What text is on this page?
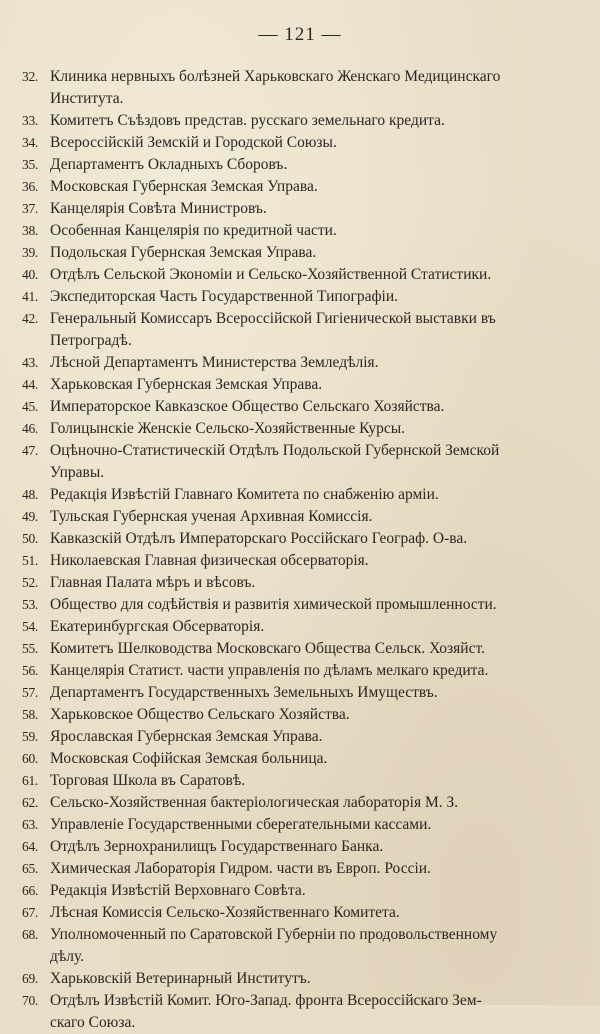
— 121 —
32. Клиника нервныхъ болѣзней Харьковскаго Женскаго Медицинскаго
Института.
33. Комитетъ Съѣздовъ представ. русскаго земельнаго кредита.
34. Всероссійскій Земскій и Городской Союзы.
35. Департаментъ Окладныхъ Сборовъ.
36. Московская Губернская Земская Управа.
37. Канцелярія Совѣта Министровъ.
38. Особенная Канцелярія по кредитной части.
39. Подольская Губернская Земская Управа.
40. Отдѣлъ Сельской Экономіи и Сельско-Хозяйственной Статистики.
41. Экспедиторская Часть Государственной Типографіи.
42. Генеральный Комиссаръ Всероссійской Гигіенической выставки въ
Петроградѣ.
43. Лѣсной Департаментъ Министерства Земледѣлія.
44. Харьковская Губернская Земская Управа.
45. Императорское Кавказское Общество Сельскаго Хозяйства.
46. Голицынскіе Женскіе Сельско-Хозяйственные Курсы.
47. Оцѣночно-Статистическій Отдѣлъ Подольской Губернской Земской
Управы.
48. Редакція Извѣстій Главнаго Комитета по снабженію арміи.
49. Тульская Губернская ученая Архивная Комиссія.
50. Кавказскій Отдѣлъ Императорскаго Россійскаго Географ. О-ва.
51. Николаевская Главная физическая обсерваторія.
52. Главная Палата мѣръ и вѣсовъ.
53. Общество для содѣйствія и развитія химической промышленности.
54. Екатеринбургская Обсерваторія.
55. Комитетъ Шелководства Московскаго Общества Сельск. Хозяйст.
56. Канцелярія Статист. части управленія по дѣламъ мелкаго кредита.
57. Департаментъ Государственныхъ Земельныхъ Имуществъ.
58. Харьковское Общество Сельскаго Хозяйства.
59. Ярославская Губернская Земская Управа.
60. Московская Софійская Земская больница.
61. Торговая Школа въ Саратовѣ.
62. Сельско-Хозяйственная бактеріологическая лабораторія М. З.
63. Управленіе Государственными сберегательными кассами.
64. Отдѣлъ Зернохранилищъ Государственнаго Банка.
65. Химическая Лабораторія Гидром. части въ Европ. Россіи.
66. Редакція Извѣстій Верховнаго Совѣта.
67. Лѣсная Комиссія Сельско-Хозяйственнаго Комитета.
68. Уполномоченный по Саратовской Губерніи по продовольственному
дѣлу.
69. Харьковскій Ветеринарный Институтъ.
70. Отдѣлъ Извѣстій Комит. Юго-Запад. фронта Всероссійскаго Зем-
скаго Союза.
